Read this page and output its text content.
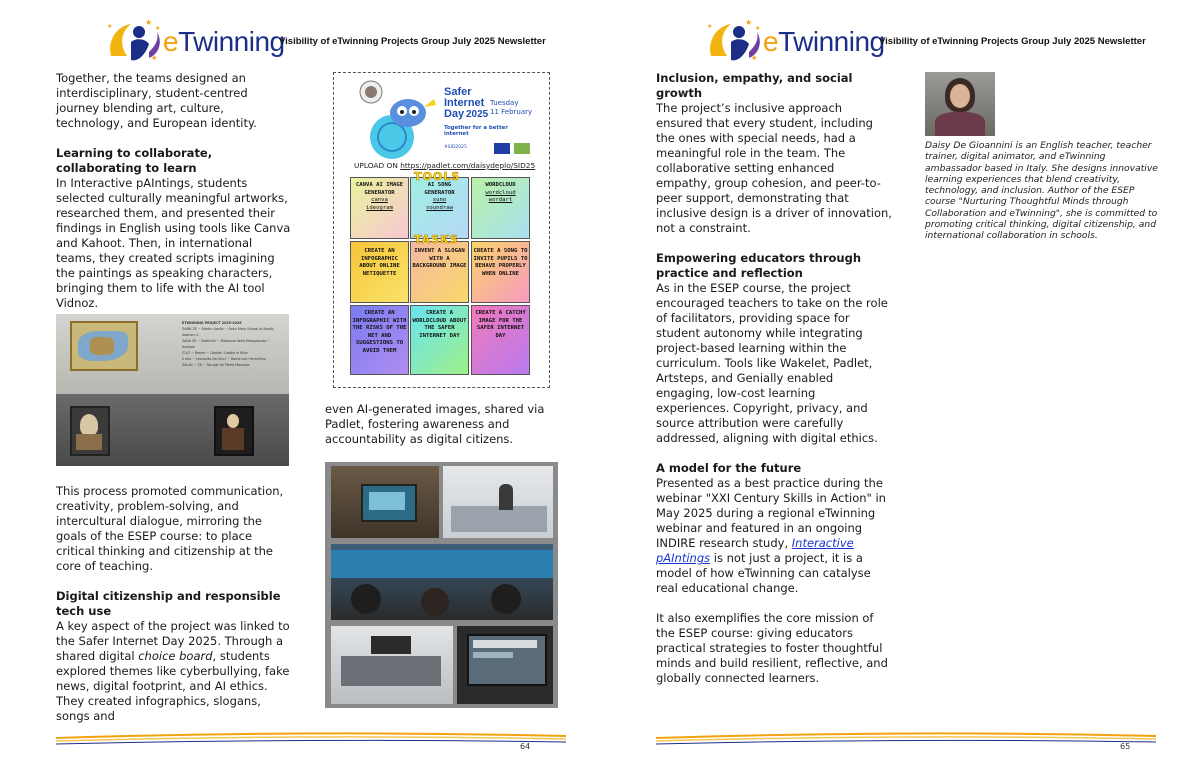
★
★
★
★ eTwinning
Visibility of eTwinning Projects Group July 2025 Newsletter

Together, the teams designed an interdisciplinary, student-centred journey blending art, culture, technology, and European identity.

Learning to collaborate, collaborating to learn

In Interactive pAIntings, students selected culturally meaningful artworks, researched them, and presented their findings in English using tools like Canva and Kahoot. Then, in international teams, they created scripts imagining the paintings as speaking characters, bringing them to life with the AI tool Vidnoz.

ETWINNING PROJECT 2025-2026
ZAMK ZE ~ Martin Apollo ~ Saint Mary School of Apollo, Adanam-1
SANA ZE ~ Botticelli ~ Madonna della Melagranata ~ Azuloze
IT-07 ~ Renee ~ Caddie, Caddie in Blue
Il mio ~ Leonardo Da Vinci ~ Dama con l'ermellino
SALAS ~ ZE ~ Tatuaje de Pietra Marquez

This process promoted communication, creativity, problem-solving, and intercultural dialogue, mirroring the goals of the ESEP course: to place critical thinking and citizenship at the core of teaching.

Digital citizenship and responsible tech use

A key aspect of the project was linked to the Safer Internet Day 2025. Through a shared digital choice board, students explored themes like cyberbullying, fake news, digital footprint, and AI ethics. They created infographics, slogans, songs and

Safer Internet Day 2025
Tuesday
11 February
Together for a better internet
#SID2025
UPLOAD ON https://padlet.com/daisydeplo/SID25
CANVA AI IMAGE GENERATOR
canva
ideogram
AI SONG GENERATOR
suno
soundraw
WORDCLOUD
wordcloud
wordart
TOOLS
CREATE AN INFOGRAPHIC ABOUT ONLINE NETIQUETTE
INVENT A SLOGAN WITH A BACKGROUND IMAGE
CREATE A SONG TO INVITE PUPILS TO BEHAVE PROPERLY WHEN ONLINE
TASKS
CREATE AN INFOGRAPHIC WITH THE RISKS OF THE NET AND SUGGESTIONS TO AVOID THEM
CREATE A WORLDCLOUD ABOUT THE SAFER INTERNET DAY
CREATE A CATCHY IMAGE FOR THE SAFER INTERNET DAY
even AI-generated images, shared via Padlet, fostering awareness and accountability as digital citizens.
64
★
★
★
★ eTwinning
Visibility of eTwinning Projects Group July 2025 Newsletter

Inclusion, empathy, and social growth

The project’s inclusive approach ensured that every student, including the ones with special needs, had a meaningful role in the team. The collaborative setting enhanced empathy, group cohesion, and peer-to-peer support, demonstrating that inclusive design is a driver of innovation, not a constraint.

Empowering educators through practice and reflection

As in the ESEP course, the project encouraged teachers to take on the role of facilitators, providing space for student autonomy while integrating project-based learning within the curriculum. Tools like Wakelet, Padlet, Artsteps, and Genially enabled engaging, low-cost learning experiences. Copyright, privacy, and source attribution were carefully addressed, aligning with digital ethics.

A model for the future

Presented as a best practice during the webinar "XXI Century Skills in Action" in May 2025 during a regional eTwinning webinar and featured in an ongoing INDIRE research study, Interactive pAIntings is not just a project, it is a model of how eTwinning can catalyse real educational change.

It also exemplifies the core mission of the ESEP course: giving educators practical strategies to foster thoughtful minds and build resilient, reflective, and globally connected learners.

Daisy De Gioannini is an English teacher, teacher trainer, digital animator, and eTwinning ambassador based in Italy. She designs innovative learning experiences that blend creativity, technology, and inclusion. Author of the ESEP course "Nurturing Thoughtful Minds through Collaboration and eTwinning", she is committed to promoting critical thinking, digital citizenship, and international collaboration in schools.
65
